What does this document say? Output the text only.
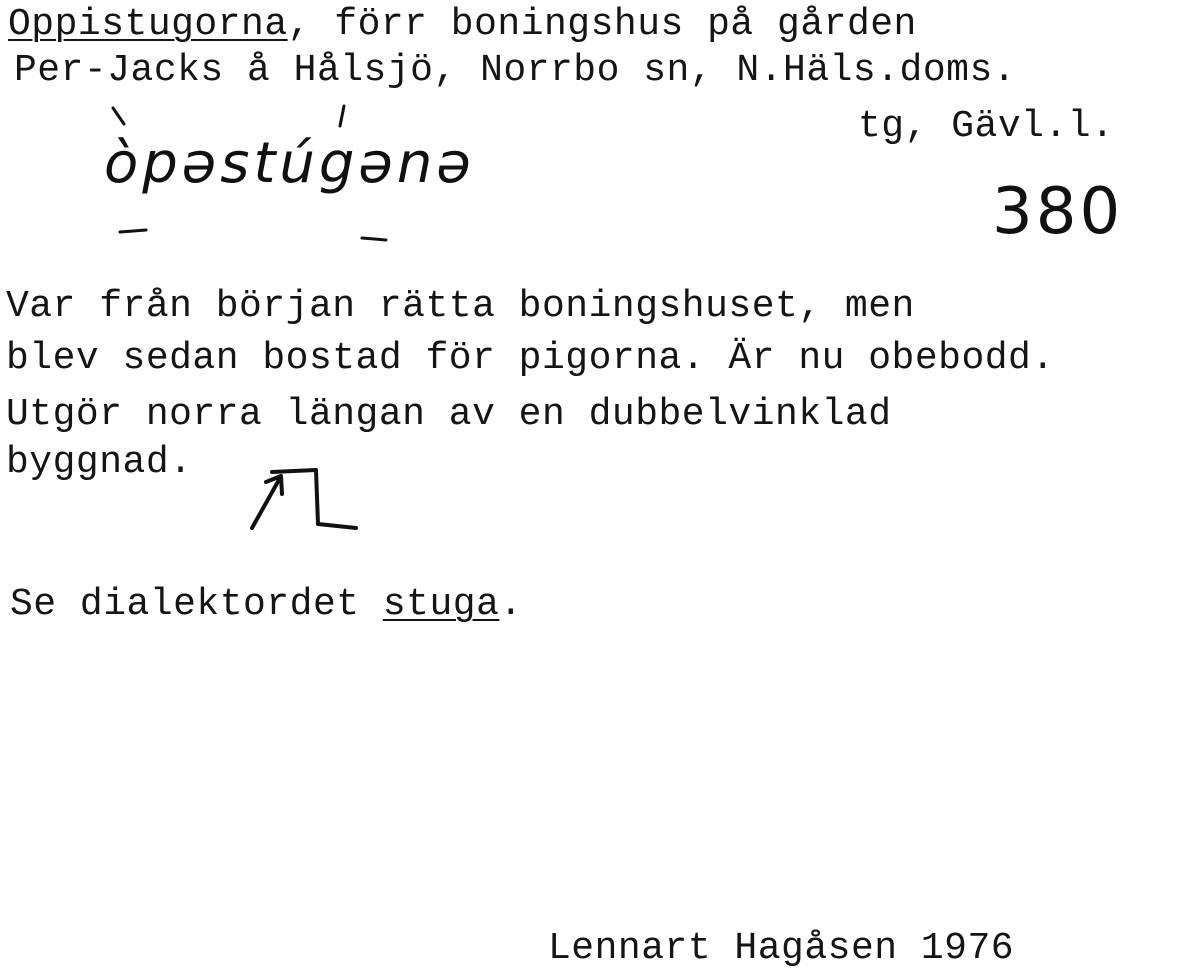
Oppistugorna, förr boningshus på gården
Per-Jacks å Hålsjö, Norrbo sn, N.Häls.doms.
tg, Gävl.l.
òpəstúgənə
380
Var från början rätta boningshuset, men
blev sedan bostad för pigorna. Är nu obebodd.
Utgör norra längan av en dubbelvinklad
byggnad.
Se dialektordet stuga.
Lennart Hagåsen 1976
